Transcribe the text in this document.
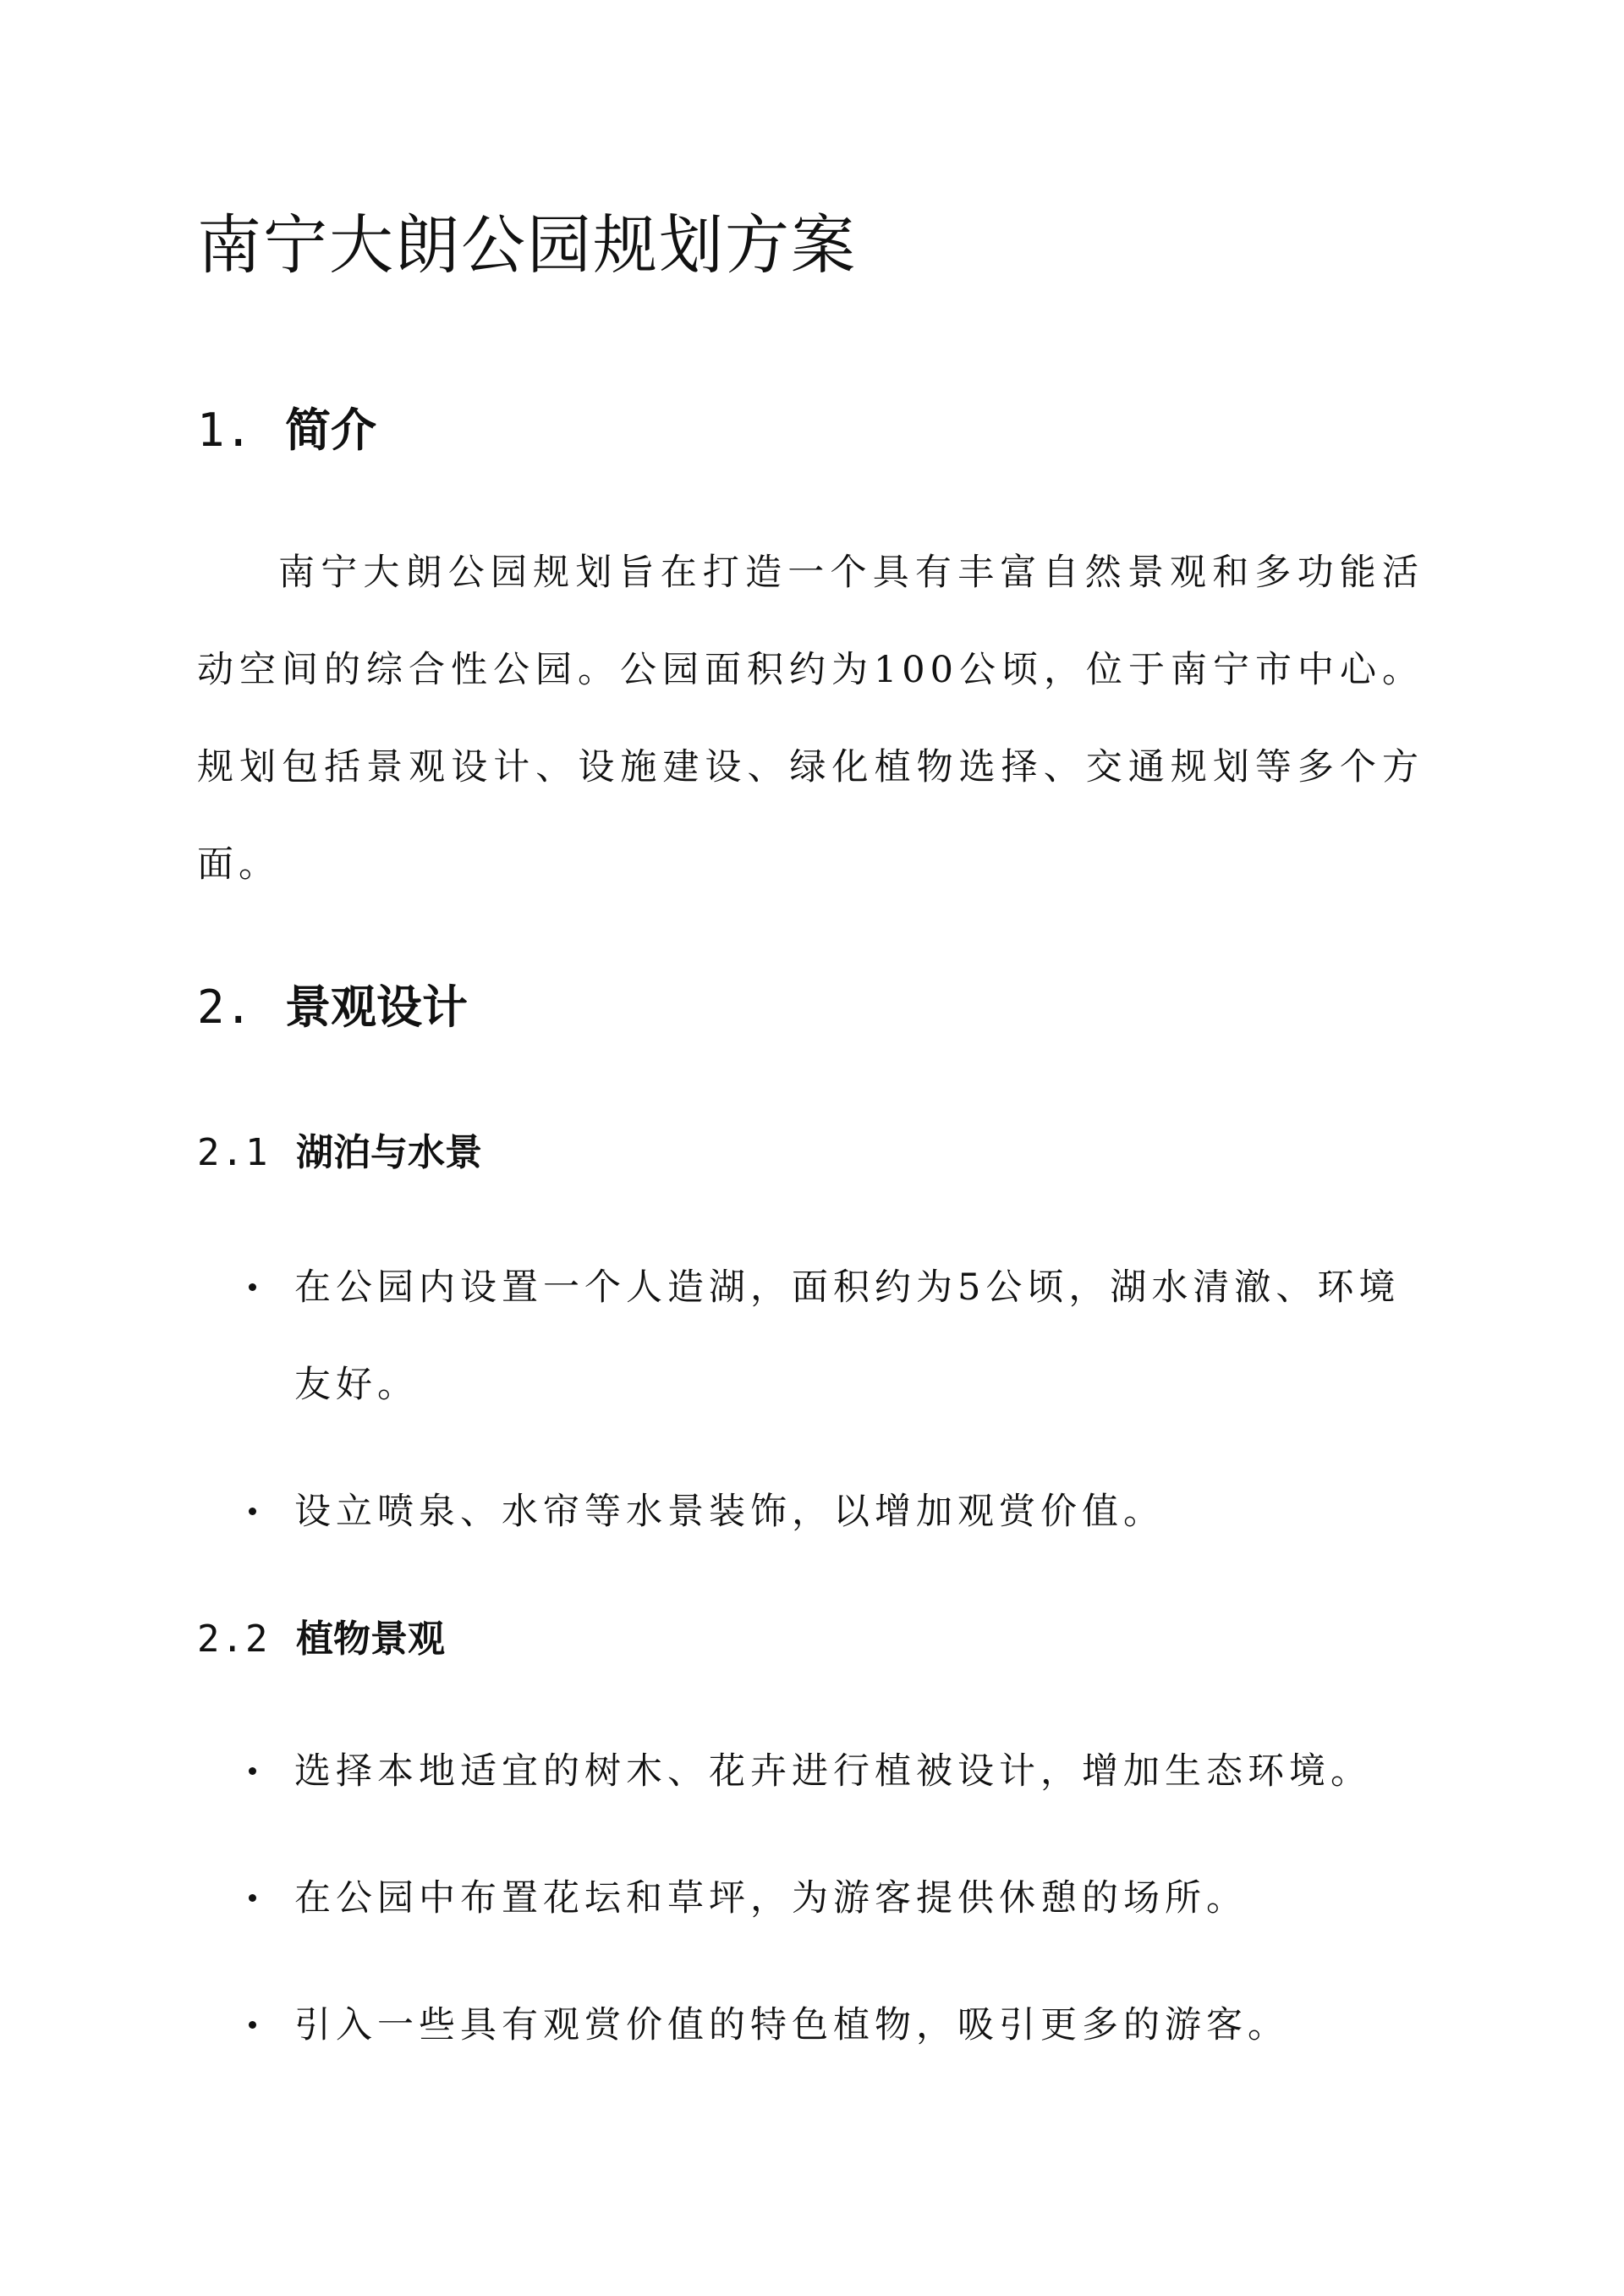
南宁大朗公园规划方案
1. 简介

南宁大朗公园规划旨在打造一个具有丰富自然景观和多功能活动空间的综合性公园。公园面积约为100公顷，位于南宁市中心。规划包括景观设计、设施建设、绿化植物选择、交通规划等多个方面。

2. 景观设计
2.1 湖泊与水景
在公园内设置一个人造湖，面积约为5公顷，湖水清澈、环境友好。
设立喷泉、水帘等水景装饰，以增加观赏价值。
2.2 植物景观
选择本地适宜的树木、花卉进行植被设计，增加生态环境。
在公园中布置花坛和草坪，为游客提供休憩的场所。
引入一些具有观赏价值的特色植物，吸引更多的游客。
